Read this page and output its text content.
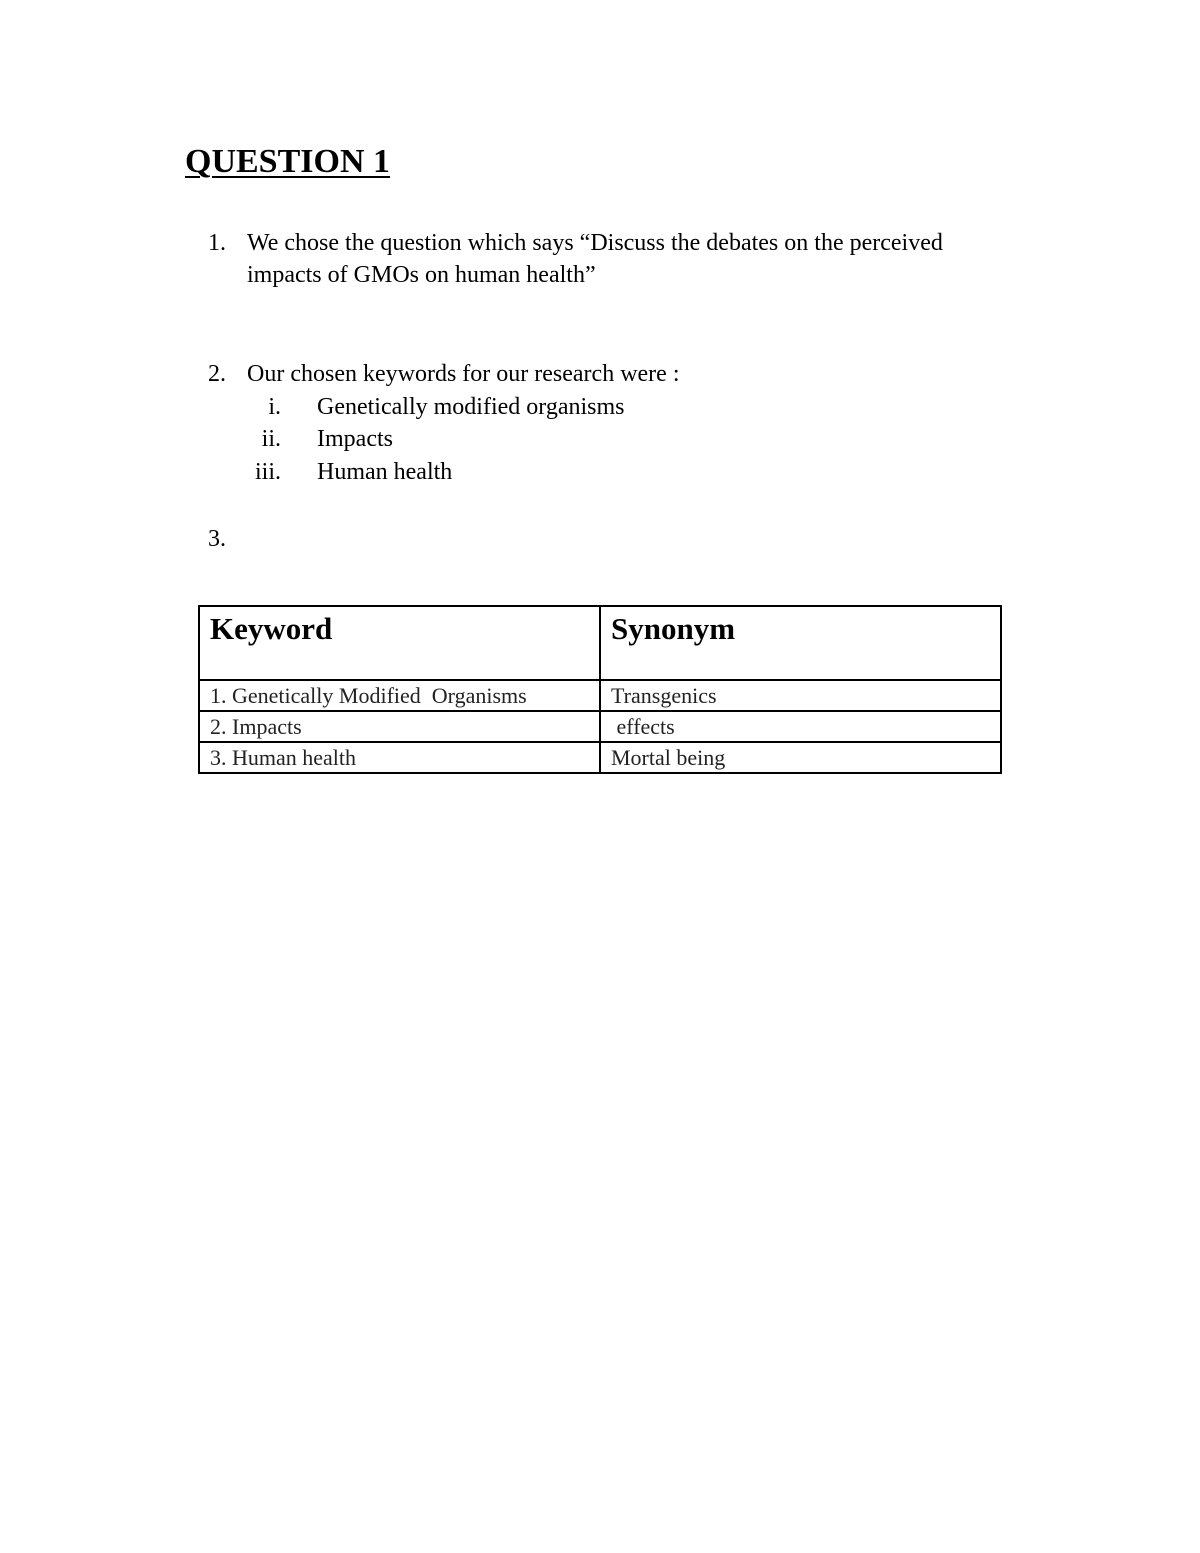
QUESTION 1
1. We chose the question which says “Discuss the debates on the perceived
impacts of GMOs on human health”
2. Our chosen keywords for our research were :
i. Genetically modified organisms
ii. Impacts
iii. Human health
3.
Keyword	Synonym
1. Genetically Modified  Organisms	Transgenics
2. Impacts	effects
3. Human health	Mortal being
